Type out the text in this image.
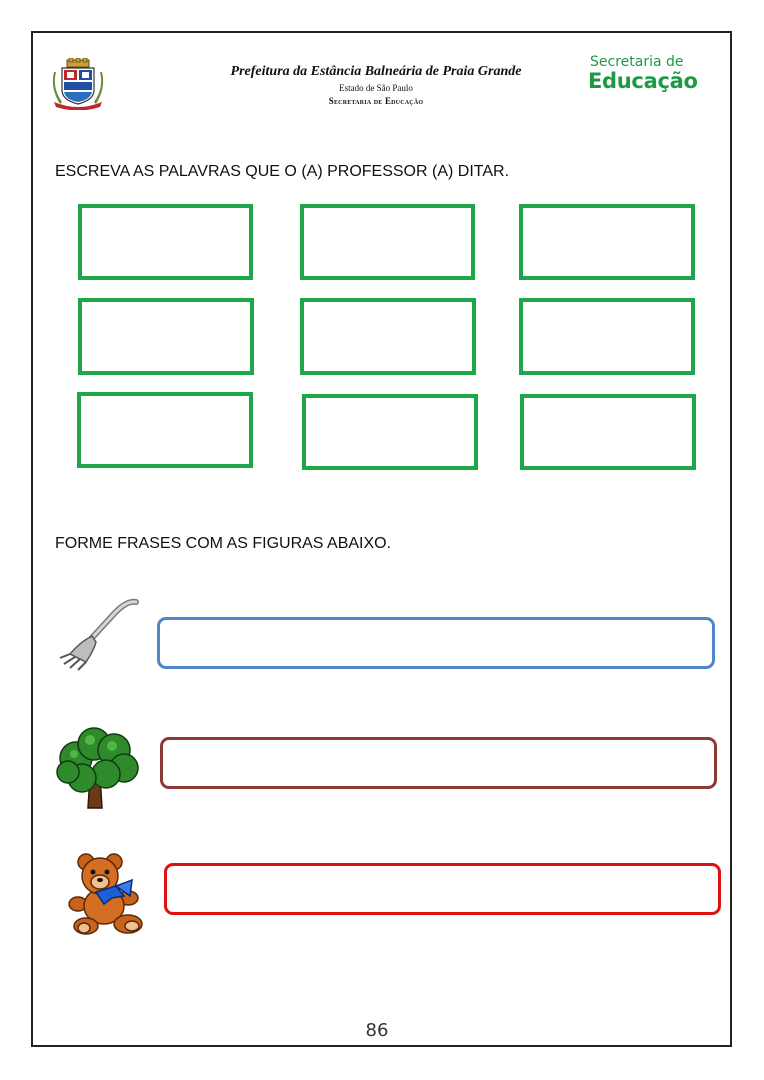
Prefeitura da Estância Balneária de Praia Grande
Estado de São Paulo
Secretaria de Educação
Secretaria de
Educação
ESCREVA AS PALAVRAS QUE O (A) PROFESSOR (A) DITAR.
FORME FRASES COM AS FIGURAS ABAIXO.
86
